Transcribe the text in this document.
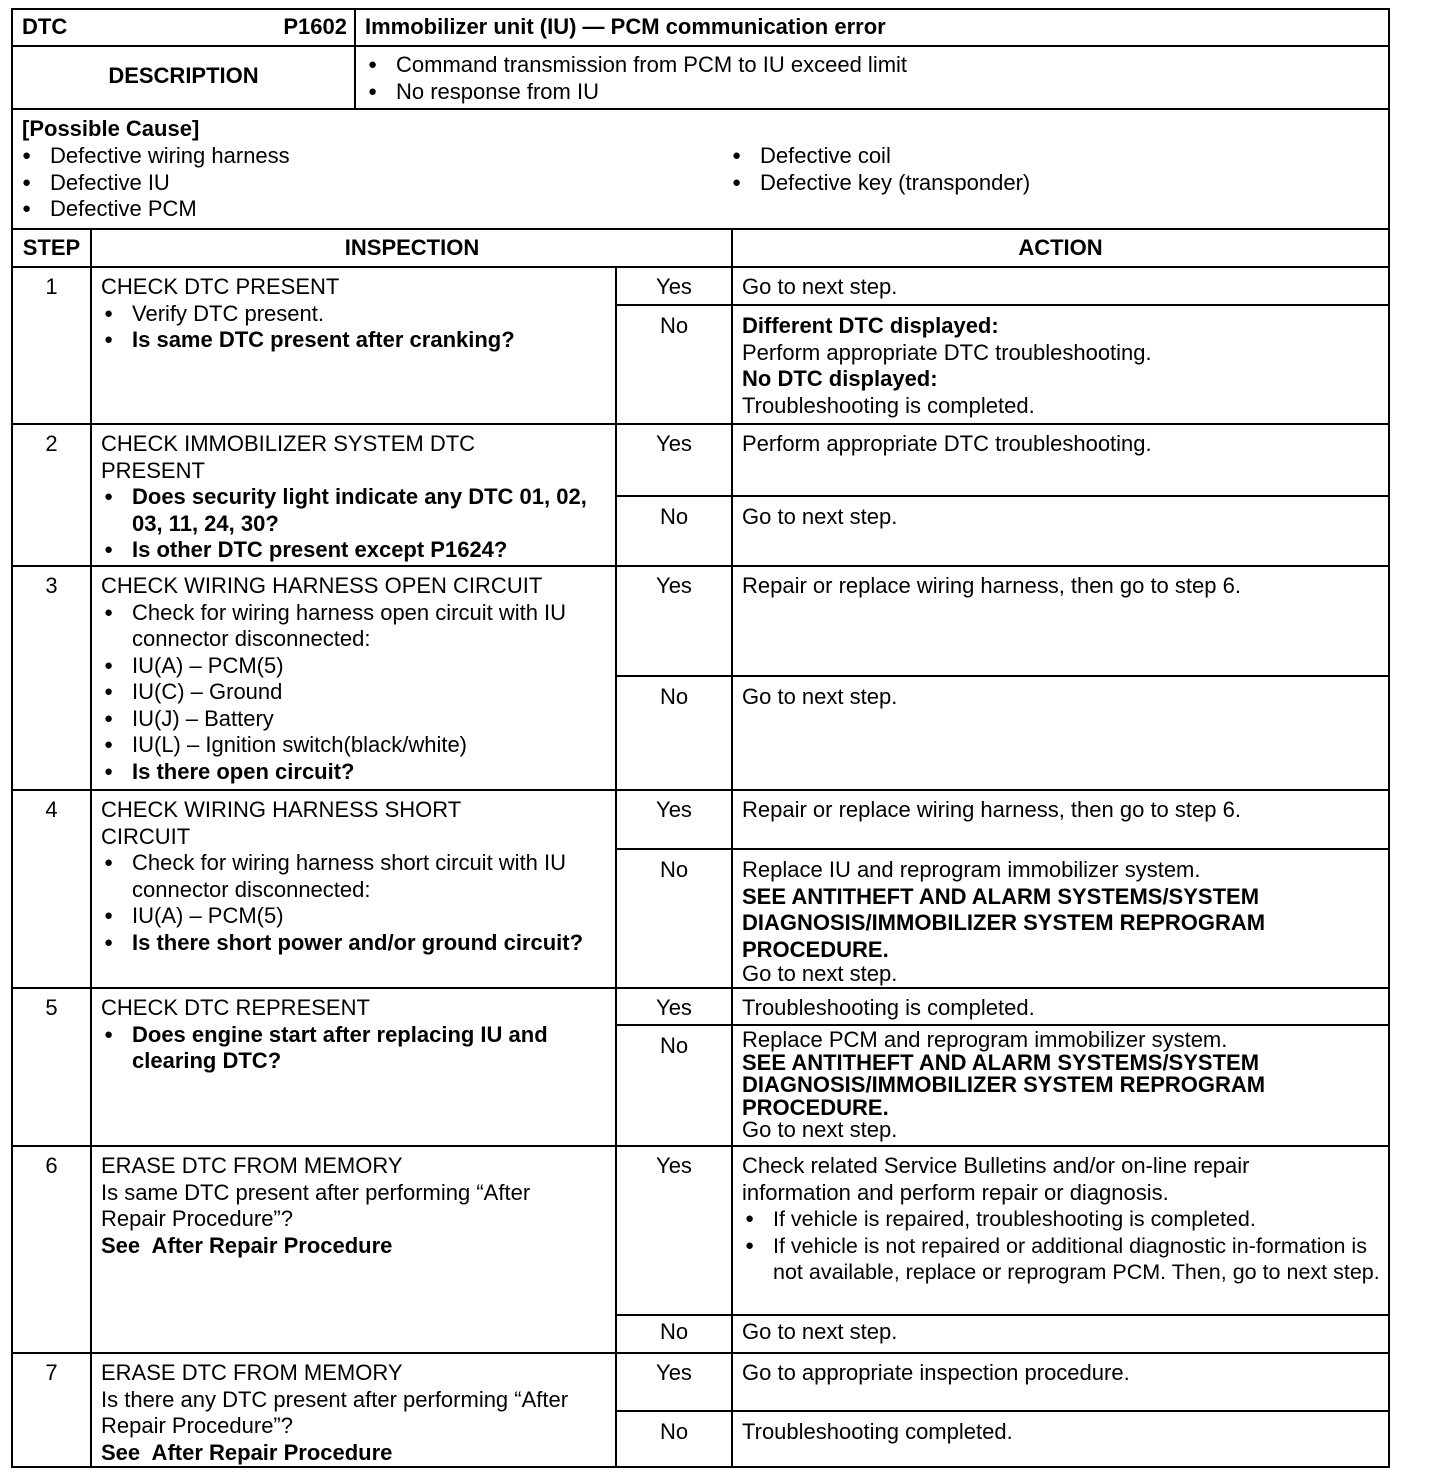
DTC	P1602 Immobilizer unit (IU) — PCM communication error
DESCRIPTION	● Command transmission from PCM to IU exceed limit
● No response from IU
[Possible Cause]
● Defective wiring harness
● Defective IU
● Defective PCM
● Defective coil
● Defective key (transponder)
STEP	INSPECTION	ACTION
1	CHECK DTC PRESENT
● Verify DTC present.
● Is same DTC present after cranking?
Yes	Go to next step.
No	Different DTC displayed:
Perform appropriate DTC troubleshooting.
No DTC displayed:
Troubleshooting is completed.
2	CHECK IMMOBILIZER SYSTEM DTC PRESENT
● Does security light indicate any DTC 01, 02, 03, 11, 24, 30?
● Is other DTC present except P1624?
Yes	Perform appropriate DTC troubleshooting.
No	Go to next step.
3	CHECK WIRING HARNESS OPEN CIRCUIT
● Check for wiring harness open circuit with IU connector disconnected:
● IU(A) – PCM(5)
● IU(C) – Ground
● IU(J) – Battery
● IU(L) – Ignition switch(black/white)
● Is there open circuit?
Yes	Repair or replace wiring harness, then go to step 6.
No	Go to next step.
4	CHECK WIRING HARNESS SHORT CIRCUIT
● Check for wiring harness short circuit with IU connector disconnected:
● IU(A) – PCM(5)
● Is there short power and/or ground circuit?
Yes	Repair or replace wiring harness, then go to step 6.
No	Replace IU and reprogram immobilizer system.
SEE ANTITHEFT AND ALARM SYSTEMS/SYSTEM DIAGNOSIS/IMMOBILIZER SYSTEM REPROGRAM PROCEDURE.
Go to next step.
5	CHECK DTC REPRESENT
● Does engine start after replacing IU and clearing DTC?
Yes	Troubleshooting is completed.
No	Replace PCM and reprogram immobilizer system.
SEE ANTITHEFT AND ALARM SYSTEMS/SYSTEM DIAGNOSIS/IMMOBILIZER SYSTEM REPROGRAM PROCEDURE.
Go to next step.
6	ERASE DTC FROM MEMORY
Is same DTC present after performing “After Repair Procedure”?
See  After Repair Procedure
Yes	Check related Service Bulletins and/or on-line repair information and perform repair or diagnosis.
● If vehicle is repaired, troubleshooting is completed.
● If vehicle is not repaired or additional diagnostic in-formation is not available, replace or reprogram PCM. Then, go to next step.
No	Go to next step.
7	ERASE DTC FROM MEMORY
Is there any DTC present after performing “After Repair Procedure”?
See  After Repair Procedure
Yes	Go to appropriate inspection procedure.
No	Troubleshooting completed.
